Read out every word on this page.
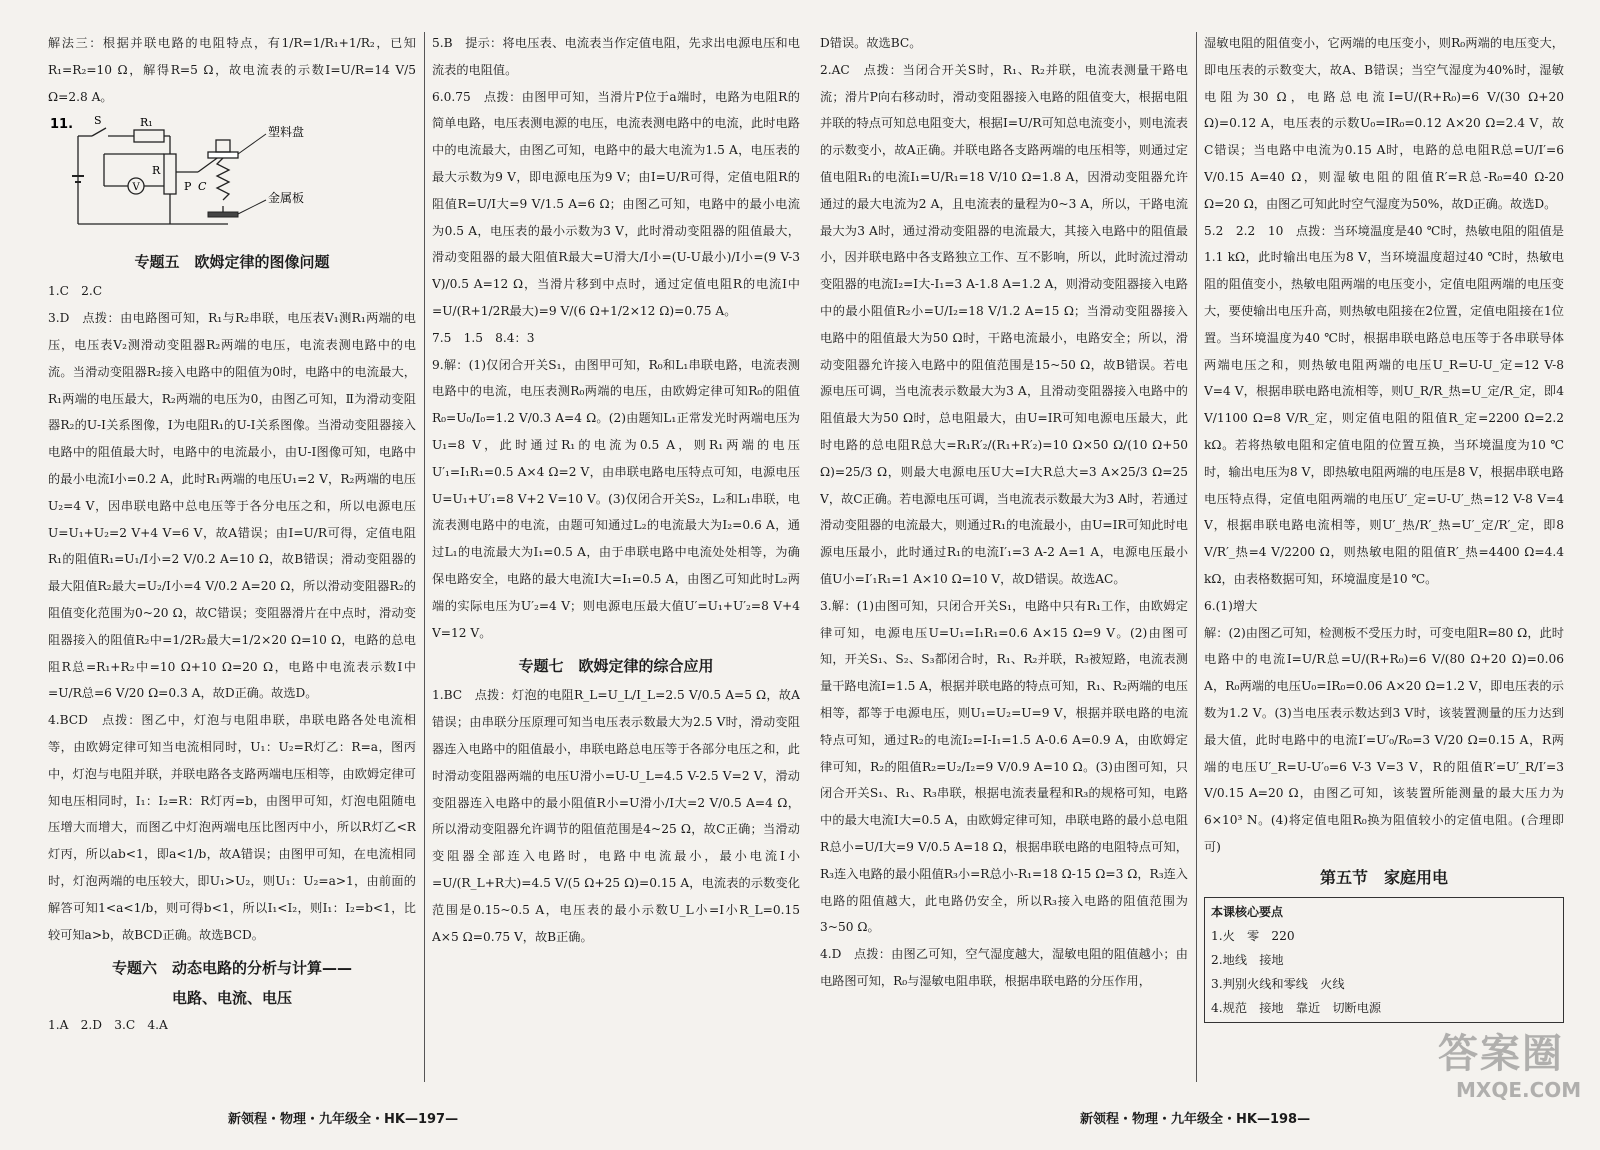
解法三：根据并联电路的电阻特点，有1/R=1/R₁+1/R₂，已知R₁=R₂=10 Ω，解得R=5 Ω，故电流表的示数I=U/R=14 V/5 Ω=2.8 A。

11. S	R₁
R
P
V	C
塑料盘
金属板
专题五　欧姆定律的图像问题

1.C　2.C

3.D　点拨：由电路图可知，R₁与R₂串联，电压表V₁测R₁两端的电压，电压表V₂测滑动变阻器R₂两端的电压，电流表测电路中的电流。当滑动变阻器R₂接入电路中的阻值为0时，电路中的电流最大，R₁两端的电压最大，R₂两端的电压为0，由图乙可知，Ⅱ为滑动变阻器R₂的U-I关系图像，Ⅰ为电阻R₁的U-I关系图像。当滑动变阻器接入电路中的阻值最大时，电路中的电流最小，由U-I图像可知，电路中的最小电流I小=0.2 A，此时R₁两端的电压U₁=2 V，R₂两端的电压U₂=4 V，因串联电路中总电压等于各分电压之和，所以电源电压U=U₁+U₂=2 V+4 V=6 V，故A错误；由I=U/R可得，定值电阻R₁的阻值R₁=U₁/I小=2 V/0.2 A=10 Ω，故B错误；滑动变阻器的最大阻值R₂最大=U₂/I小=4 V/0.2 A=20 Ω，所以滑动变阻器R₂的阻值变化范围为0~20 Ω，故C错误；变阻器滑片在中点时，滑动变阻器接入的阻值R₂中=1/2R₂最大=1/2×20 Ω=10 Ω，电路的总电阻R总=R₁+R₂中=10 Ω+10 Ω=20 Ω，电路中电流表示数I中=U/R总=6 V/20 Ω=0.3 A，故D正确。故选D。

4.BCD　点拨：图乙中，灯泡与电阻串联，串联电路各处电流相等，由欧姆定律可知当电流相同时，U₁：U₂=R灯乙：R=a，图丙中，灯泡与电阻并联，并联电路各支路两端电压相等，由欧姆定律可知电压相同时，I₁：I₂=R：R灯丙=b，由图甲可知，灯泡电阻随电压增大而增大，而图乙中灯泡两端电压比图丙中小，所以R灯乙<R灯丙，所以ab<1，即a<1/b，故A错误；由图甲可知，在电流相同时，灯泡两端的电压较大，即U₁>U₂，则U₁：U₂=a>1，由前面的解答可知1<a<1/b，则可得b<1，所以I₁<I₂，则I₁：I₂=b<1，比较可知a>b，故BCD正确。故选BCD。

专题六　动态电路的分析与计算——
电路、电流、电压

1.A　2.D　3.C　4.A

5.B　提示：将电压表、电流表当作定值电阻，先求出电源电压和电流表的电阻值。

6.0.75　点拨：由图甲可知，当滑片P位于a端时，电路为电阻R的简单电路，电压表测电源的电压，电流表测电路中的电流，此时电路中的电流最大，由图乙可知，电路中的最大电流为1.5 A，电压表的最大示数为9 V，即电源电压为9 V；由I=U/R可得，定值电阻R的阻值R=U/I大=9 V/1.5 A=6 Ω；由图乙可知，电路中的最小电流为0.5 A，电压表的最小示数为3 V，此时滑动变阻器的阻值最大，滑动变阻器的最大阻值R最大=U滑大/I小=(U-U最小)/I小=(9 V-3 V)/0.5 A=12 Ω，当滑片移到中点时，通过定值电阻R的电流I中=U/(R+1/2R最大)=9 V/(6 Ω+1/2×12 Ω)=0.75 A。

7.5　1.5　8.4：3

9.解：(1)仅闭合开关S₁，由图甲可知，R₀和L₁串联电路，电流表测电路中的电流，电压表测R₀两端的电压，由欧姆定律可知R₀的阻值R₀=U₀/I₀=1.2 V/0.3 A=4 Ω。(2)由题知L₁正常发光时两端电压为U₁=8 V，此时通过R₁的电流为0.5 A，则R₁两端的电压U′₁=I₁R₁=0.5 A×4 Ω=2 V，由串联电路电压特点可知，电源电压U=U₁+U′₁=8 V+2 V=10 V。(3)仅闭合开关S₂，L₂和L₁串联，电流表测电路中的电流，由题可知通过L₂的电流最大为I₂=0.6 A，通过L₁的电流最大为I₁=0.5 A，由于串联电路中电流处处相等，为确保电路安全，电路的最大电流I大=I₁=0.5 A，由图乙可知此时L₂两端的实际电压为U′₂=4 V；则电源电压最大值U′=U₁+U′₂=8 V+4 V=12 V。

专题七　欧姆定律的综合应用

1.BC　点拨：灯泡的电阻R_L=U_L/I_L=2.5 V/0.5 A=5 Ω，故A错误；由串联分压原理可知当电压表示数最大为2.5 V时，滑动变阻器连入电路中的阻值最小，串联电路总电压等于各部分电压之和，此时滑动变阻器两端的电压U滑小=U-U_L=4.5 V-2.5 V=2 V，滑动变阻器连入电路中的最小阻值R小=U滑小/I大=2 V/0.5 A=4 Ω，所以滑动变阻器允许调节的阻值范围是4~25 Ω，故C正确；当滑动变阻器全部连入电路时，电路中电流最小，最小电流I小=U/(R_L+R大)=4.5 V/(5 Ω+25 Ω)=0.15 A，电流表的示数变化范围是0.15~0.5 A，电压表的最小示数U_L小=I小R_L=0.15 A×5 Ω=0.75 V，故B正确。

新领程・物理・九年级全・HK—197—

D错误。故选BC。

2.AC　点拨：当闭合开关S时，R₁、R₂并联，电流表测量干路电流；滑片P向右移动时，滑动变阻器接入电路的阻值变大，根据电阻并联的特点可知总电阻变大，根据I=U/R可知总电流变小，则电流表的示数变小，故A正确。并联电路各支路两端的电压相等，则通过定值电阻R₁的电流I₁=U/R₁=18 V/10 Ω=1.8 A，因滑动变阻器允许通过的最大电流为2 A，且电流表的量程为0~3 A，所以，干路电流最大为3 A时，通过滑动变阻器的电流最大，其接入电路中的阻值最小，因并联电路中各支路独立工作、互不影响，所以，此时流过滑动变阻器的电流I₂=I大-I₁=3 A-1.8 A=1.2 A，则滑动变阻器接入电路中的最小阻值R₂小=U/I₂=18 V/1.2 A=15 Ω；当滑动变阻器接入电路中的阻值最大为50 Ω时，干路电流最小，电路安全；所以，滑动变阻器允许接入电路中的阻值范围是15~50 Ω，故B错误。若电源电压可调，当电流表示数最大为3 A，且滑动变阻器接入电路中的阻值最大为50 Ω时，总电阻最大，由U=IR可知电源电压最大，此时电路的总电阻R总大=R₁R′₂/(R₁+R′₂)=10 Ω×50 Ω/(10 Ω+50 Ω)=25/3 Ω，则最大电源电压U大=I大R总大=3 A×25/3 Ω=25 V，故C正确。若电源电压可调，当电流表示数最大为3 A时，若通过滑动变阻器的电流最大，则通过R₁的电流最小，由U=IR可知此时电源电压最小，此时通过R₁的电流I′₁=3 A-2 A=1 A，电源电压最小值U小=I′₁R₁=1 A×10 Ω=10 V，故D错误。故选AC。

3.解：(1)由图可知，只闭合开关S₁，电路中只有R₁工作，由欧姆定律可知，电源电压U=U₁=I₁R₁=0.6 A×15 Ω=9 V。(2)由图可知，开关S₁、S₂、S₃都闭合时，R₁、R₂并联，R₃被短路，电流表测量干路电流I=1.5 A，根据并联电路的特点可知，R₁、R₂两端的电压相等，都等于电源电压，则U₁=U₂=U=9 V，根据并联电路的电流特点可知，通过R₂的电流I₂=I-I₁=1.5 A-0.6 A=0.9 A，由欧姆定律可知，R₂的阻值R₂=U₂/I₂=9 V/0.9 A=10 Ω。(3)由图可知，只闭合开关S₁、R₁、R₃串联，根据电流表量程和R₃的规格可知，电路中的最大电流I大=0.5 A，由欧姆定律可知，串联电路的最小总电阻R总小=U/I大=9 V/0.5 A=18 Ω，根据串联电路的电阻特点可知，R₃连入电路的最小阻值R₃小=R总小-R₁=18 Ω-15 Ω=3 Ω，R₃连入电路的阻值越大，此电路仍安全，所以R₃接入电路的阻值范围为3~50 Ω。

4.D　点拨：由图乙可知，空气湿度越大，湿敏电阻的阻值越小；由电路图可知，R₀与湿敏电阻串联，根据串联电路的分压作用，

湿敏电阻的阻值变小，它两端的电压变小，则R₀两端的电压变大，即电压表的示数变大，故A、B错误；当空气湿度为40%时，湿敏电阻为30 Ω，电路总电流I=U/(R+R₀)=6 V/(30 Ω+20 Ω)=0.12 A，电压表的示数U₀=IR₀=0.12 A×20 Ω=2.4 V，故C错误；当电路中电流为0.15 A时，电路的总电阻R总=U/I′=6 V/0.15 A=40 Ω，则湿敏电阻的阻值R′=R总-R₀=40 Ω-20 Ω=20 Ω，由图乙可知此时空气湿度为50%，故D正确。故选D。

5.2　2.2　10　点拨：当环境温度是40 ℃时，热敏电阻的阻值是1.1 kΩ，此时输出电压为8 V，当环境温度超过40 ℃时，热敏电阻的阻值变小，热敏电阻两端的电压变小，定值电阻两端的电压变大，要使输出电压升高，则热敏电阻接在2位置，定值电阻接在1位置。当环境温度为40 ℃时，根据串联电路总电压等于各串联导体两端电压之和，则热敏电阻两端的电压U_R=U-U_定=12 V-8 V=4 V，根据串联电路电流相等，则U_R/R_热=U_定/R_定，即4 V/1100 Ω=8 V/R_定，则定值电阻的阻值R_定=2200 Ω=2.2 kΩ。若将热敏电阻和定值电阻的位置互换，当环境温度为10 ℃时，输出电压为8 V，即热敏电阻两端的电压是8 V，根据串联电路电压特点得，定值电阻两端的电压U′_定=U-U′_热=12 V-8 V=4 V，根据串联电路电流相等，则U′_热/R′_热=U′_定/R′_定，即8 V/R′_热=4 V/2200 Ω，则热敏电阻的阻值R′_热=4400 Ω=4.4 kΩ，由表格数据可知，环境温度是10 ℃。

6.(1)增大

解：(2)由图乙可知，检测板不受压力时，可变电阻R=80 Ω，此时电路中的电流I=U/R总=U/(R+R₀)=6 V/(80 Ω+20 Ω)=0.06 A，R₀两端的电压U₀=IR₀=0.06 A×20 Ω=1.2 V，即电压表的示数为1.2 V。(3)当电压表示数达到3 V时，该装置测量的压力达到最大值，此时电路中的电流I′=U′₀/R₀=3 V/20 Ω=0.15 A，R两端的电压U′_R=U-U′₀=6 V-3 V=3 V，R的阻值R′=U′_R/I′=3 V/0.15 A=20 Ω，由图乙可知，该装置所能测量的最大压力为6×10³ N。(4)将定值电阻R₀换为阻值较小的定值电阻。(合理即可)

第五节　家庭用电
本课核心要点
1.火　零　220
2.地线　接地
3.判别火线和零线　火线
4.规范　接地　靠近　切断电源
新领程・物理・九年级全・HK—198—
答案圈
MXQE.COM
